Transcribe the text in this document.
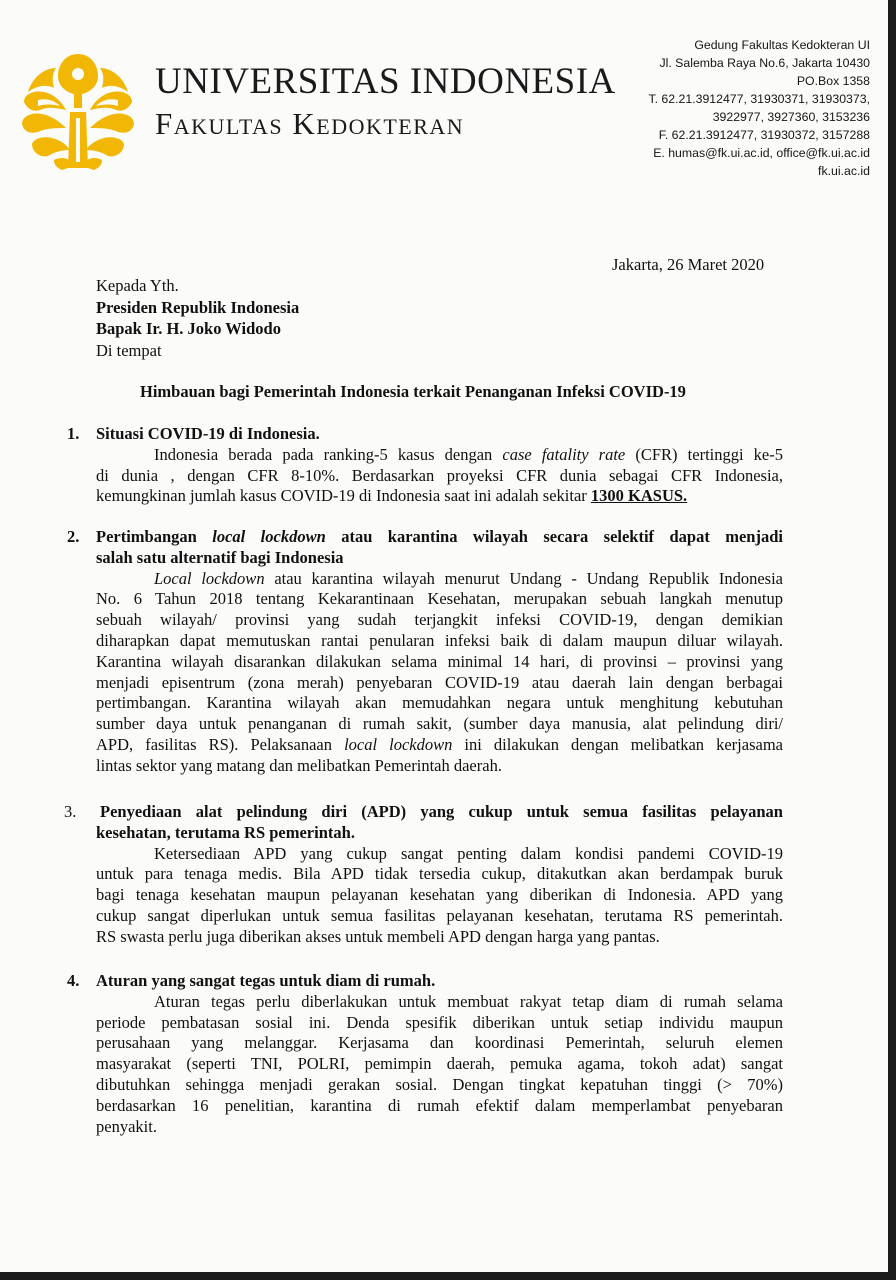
UNIVERSITAS INDONESIA
Fakultas Kedokteran
Gedung Fakultas Kedokteran UI
Jl. Salemba Raya No.6, Jakarta 10430
PO.Box 1358
T. 62.21.3912477, 31930371, 31930373,
3922977, 3927360, 3153236
F. 62.21.3912477, 31930372, 3157288
E. humas@fk.ui.ac.id, office@fk.ui.ac.id
fk.ui.ac.id
Jakarta, 26 Maret 2020
Kepada Yth.
Presiden Republik Indonesia
Bapak Ir. H. Joko Widodo
Di tempat
Himbauan bagi Pemerintah Indonesia terkait Penanganan Infeksi COVID-19
1. Situasi COVID-19 di Indonesia.
Indonesia berada pada ranking-5 kasus dengan case fatality rate (CFR) tertinggi ke-5
di dunia , dengan CFR 8-10%. Berdasarkan proyeksi CFR dunia sebagai CFR Indonesia,
kemungkinan jumlah kasus COVID-19 di Indonesia saat ini adalah sekitar 1300 KASUS.
2. Pertimbangan local lockdown atau karantina wilayah secara selektif dapat menjadi
salah satu alternatif bagi Indonesia
Local lockdown atau karantina wilayah menurut Undang - Undang Republik Indonesia
No. 6 Tahun 2018 tentang Kekarantinaan Kesehatan, merupakan sebuah langkah menutup
sebuah wilayah/ provinsi yang sudah terjangkit infeksi COVID-19, dengan demikian
diharapkan dapat memutuskan rantai penularan infeksi baik di dalam maupun diluar wilayah.
Karantina wilayah disarankan dilakukan selama minimal 14 hari, di provinsi – provinsi yang
menjadi episentrum (zona merah) penyebaran COVID-19 atau daerah lain dengan berbagai
pertimbangan. Karantina wilayah akan memudahkan negara untuk menghitung kebutuhan
sumber daya untuk penanganan di rumah sakit, (sumber daya manusia, alat pelindung diri/
APD, fasilitas RS). Pelaksanaan local lockdown ini dilakukan dengan melibatkan kerjasama
lintas sektor yang matang dan melibatkan Pemerintah daerah.
3. Penyediaan alat pelindung diri (APD) yang cukup untuk semua fasilitas pelayanan
kesehatan, terutama RS pemerintah.
Ketersediaan APD yang cukup sangat penting dalam kondisi pandemi COVID-19
untuk para tenaga medis. Bila APD tidak tersedia cukup, ditakutkan akan berdampak buruk
bagi tenaga kesehatan maupun pelayanan kesehatan yang diberikan di Indonesia. APD yang
cukup sangat diperlukan untuk semua fasilitas pelayanan kesehatan, terutama RS pemerintah.
RS swasta perlu juga diberikan akses untuk membeli APD dengan harga yang pantas.
4. Aturan yang sangat tegas untuk diam di rumah.
Aturan tegas perlu diberlakukan untuk membuat rakyat tetap diam di rumah selama
periode pembatasan sosial ini. Denda spesifik diberikan untuk setiap individu maupun
perusahaan yang melanggar. Kerjasama dan koordinasi Pemerintah, seluruh elemen
masyarakat (seperti TNI, POLRI, pemimpin daerah, pemuka agama, tokoh adat) sangat
dibutuhkan sehingga menjadi gerakan sosial. Dengan tingkat kepatuhan tinggi (> 70%)
berdasarkan 16 penelitian, karantina di rumah efektif dalam memperlambat penyebaran
penyakit.
